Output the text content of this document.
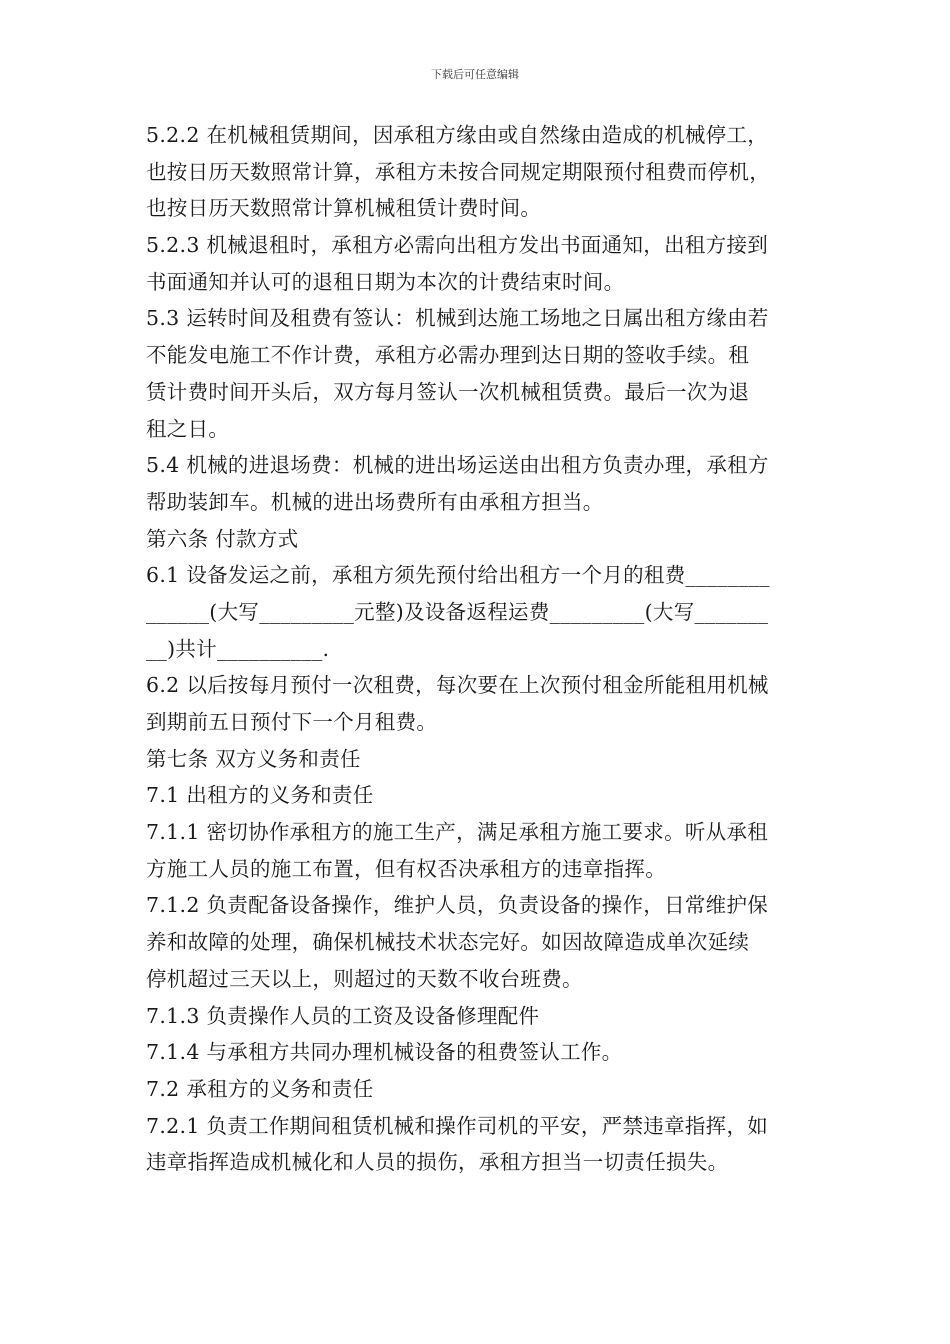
下载后可任意编辑
5.2.2 在机械租赁期间，因承租方缘由或自然缘由造成的机械停工，
也按日历天数照常计算，承租方未按合同规定期限预付租费而停机，
也按日历天数照常计算机械租赁计费时间。
5.2.3 机械退租时，承租方必需向出租方发出书面通知，出租方接到
书面通知并认可的退租日期为本次的计费结束时间。
5.3 运转时间及租费有签认：机械到达施工场地之日属出租方缘由若
不能发电施工不作计费，承租方必需办理到达日期的签收手续。租
赁计费时间开头后，双方每月签认一次机械租赁费。最后一次为退
租之日。
5.4 机械的进退场费：机械的进出场运送由出租方负责办理，承租方
帮助装卸车。机械的进出场费所有由承租方担当。
第六条 付款方式
6.1 设备发运之前，承租方须先预付给出租方一个月的租费________
______(大写_________元整)及设备返程运费_________(大写_______
__)共计__________.
6.2 以后按每月预付一次租费，每次要在上次预付租金所能租用机械
到期前五日预付下一个月租费。
第七条 双方义务和责任
7.1 出租方的义务和责任
7.1.1 密切协作承租方的施工生产，满足承租方施工要求。听从承租
方施工人员的施工布置，但有权否决承租方的违章指挥。
7.1.2 负责配备设备操作，维护人员，负责设备的操作，日常维护保
养和故障的处理，确保机械技术状态完好。如因故障造成单次延续
停机超过三天以上，则超过的天数不收台班费。
7.1.3 负责操作人员的工资及设备修理配件
7.1.4 与承租方共同办理机械设备的租费签认工作。
7.2 承租方的义务和责任
7.2.1 负责工作期间租赁机械和操作司机的平安，严禁违章指挥，如
违章指挥造成机械化和人员的损伤，承租方担当一切责任损失。
